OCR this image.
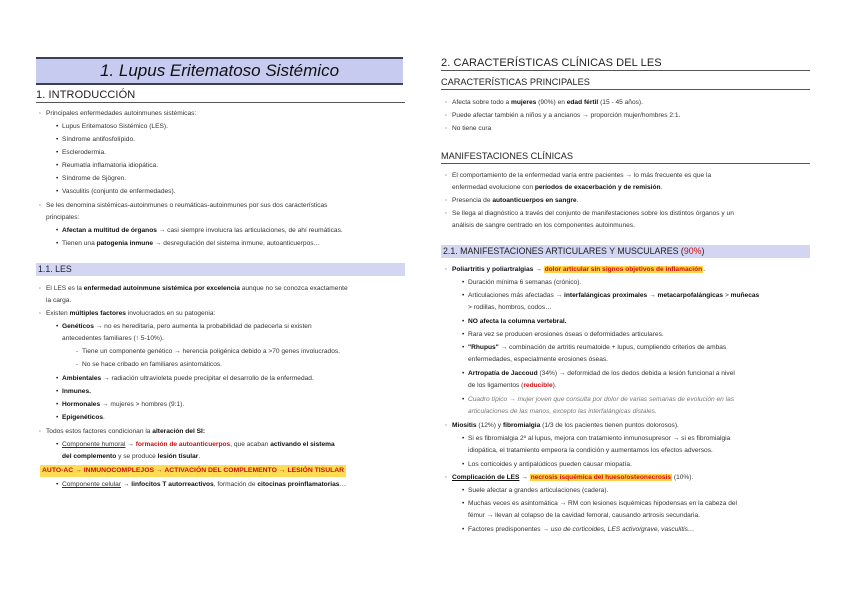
1. Lupus Eritematoso Sistémico
1. INTRODUCCIÓN
· Principales enfermedades autoinmunes sistémicas:
• Lupus Eritematoso Sistémico (LES).
• Síndrome antifosfolípido.
• Esclerodermia.
• Reumatía inflamatoria idiopática.
• Síndrome de Sjögren.
• Vasculitis (conjunto de enfermedades).
· Se les denomina sistémicas-autoinmunes o reumáticas-autoinmunes por sus dos características
principales:
• Afectan a multitud de órganos → casi siempre involucra las articulaciones, de ahí reumáticas.
• Tienen una patogenia inmune → desregulación del sistema inmune, autoanticuerpos…
1.1. LES
· El LES es la enfermedad autoinmune sistémica por excelencia aunque no se conozca exactamente
la carga.
· Existen múltiples factores involucrados en su patogenia:
• Genéticos → no es hereditaria, pero aumenta la probabilidad de padecerla si existen
antecedentes familiares (↑ 5-10%).
- Tiene un componente genético → herencia poligénica debido a >70 genes involucrados.
- No se hace cribado en familiares asintomáticos.
• Ambientales → radiación ultravioleta puede precipitar el desarrollo de la enfermedad.
• Inmunes.
• Hormonales → mujeres > hombres (9:1).
• Epigenéticos.
· Todos estos factores condicionan la alteración del SI:
• Componente humoral → formación de autoanticuerpos, que acaban activando el sistema
del complemento y se produce lesión tisular.
AUTO-AC → INMUNOCOMPLEJOS → ACTIVACIÓN DEL COMPLEMENTO → LESIÓN TISULAR
• Componente celular → linfocitos T autorreactivos, formación de citocinas proinflamatorias…
2. CARACTERÍSTICAS CLÍNICAS DEL LES
CARACTERÍSTICAS PRINCIPALES
· Afecta sobre todo a mujeres (90%) en edad fértil (15 - 45 años).
· Puede afectar también a niños y a ancianos → proporción mujer/hombres 2:1.
· No tiene cura
MANIFESTACIONES CLÍNICAS
· El comportamiento de la enfermedad varía entre pacientes → lo más frecuente es que la
enfermedad evolucione con períodos de exacerbación y de remisión.
· Presencia de autoanticuerpos en sangre.
· Se llega al diagnóstico a través del conjunto de manifestaciones sobre los distintos órganos y un
análisis de sangre centrado en los componentes autoinmunes.
2.1. MANIFESTACIONES ARTICULARES Y MUSCULARES (90%)
· Poliartritis y poliartralgias → dolor articular sin signos objetivos de inflamación.
• Duración mínima 6 semanas (crónico).
• Articulaciones más afectadas → interfalángicas proximales → metacarpofalángicas > muñecas
> rodillas, hombros, codos…
• NO afecta la columna vertebral.
• Rara vez se producen erosiones óseas o deformidades articulares.
• "Rhupus" → combinación de artritis reumatoide + lupus, cumpliendo criterios de ambas
enfermedades, especialmente erosiones óseas.
• Artropatía de Jaccoud (34%) → deformidad de los dedos debida a lesión funcional a nivel
de los ligamentos (reducible).
• Cuadro típico → mujer joven que consulta por dolor de varias semanas de evolución en las
articulaciones de las manos, excepto las interfalángicas distales.
· Miositis (12%) y fibromialgia (1/3 de los pacientes tienen puntos dolorosos).
• Si es fibromialgia 2º al lupus, mejora con tratamiento inmunosupresor → si es fibromialgia
idiopática, el tratamiento empeora la condición y aumentamos los efectos adversos.
• Los corticoides y antipalúdicos pueden causar miopatía.
· Complicación de LES → necrosis isquémica del hueso/osteonecrosis (10%).
• Suele afectar a grandes articulaciones (cadera).
• Muchas veces es asintomática → RM con lesiones isquémicas hipodensas en la cabeza del
fémur → llevan al colapso de la cavidad femoral, causando artrosis secundaria.
• Factores predisponentes → uso de corticoides, LES activo/grave, vasculitis…
